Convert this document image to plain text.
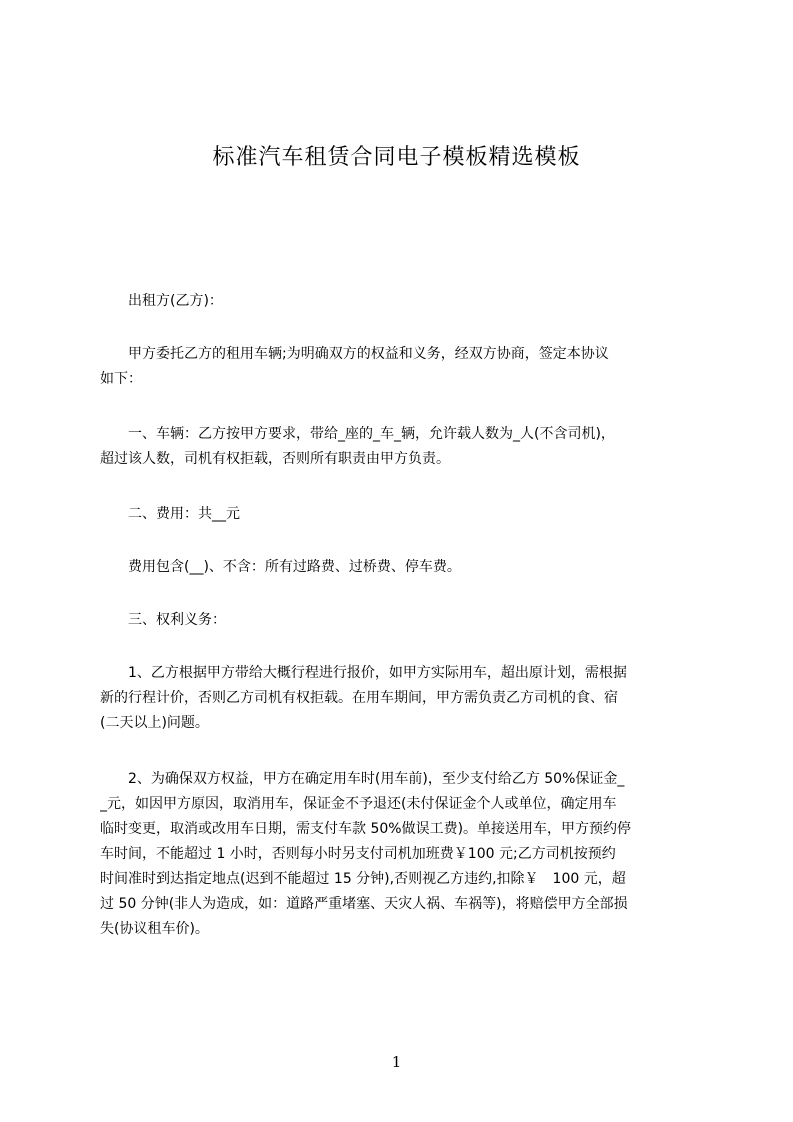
标准汽车租赁合同电子模板精选模板
　　出租方(乙方)：
　　甲方委托乙方的租用车辆;为明确双方的权益和义务，经双方协商，签定本协议
如下：
　　一、车辆：乙方按甲方要求，带给_座的_车_辆，允许载人数为_人(不含司机)，
超过该人数，司机有权拒载，否则所有职责由甲方负责。
　　二、费用：共__元
　　费用包含(__)、不含：所有过路费、过桥费、停车费。
　　三、权利义务：
　　1、乙方根据甲方带给大概行程进行报价，如甲方实际用车，超出原计划，需根据
新的行程计价，否则乙方司机有权拒载。在用车期间，甲方需负责乙方司机的食、宿
(二天以上)问题。
　　2、为确保双方权益，甲方在确定用车时(用车前)，至少支付给乙方 50%保证金_
_元，如因甲方原因，取消用车，保证金不予退还(未付保证金个人或单位，确定用车
临时变更，取消或改用车日期，需支付车款 50%做误工费)。单接送用车，甲方预约停
车时间，不能超过 1 小时，否则每小时另支付司机加班费￥100 元;乙方司机按预约
时间准时到达指定地点(迟到不能超过 15 分钟),否则视乙方违约,扣除￥　100 元，超
过 50 分钟(非人为造成，如：道路严重堵塞、天灾人祸、车祸等)，将赔偿甲方全部损
失(协议租车价)。
1
